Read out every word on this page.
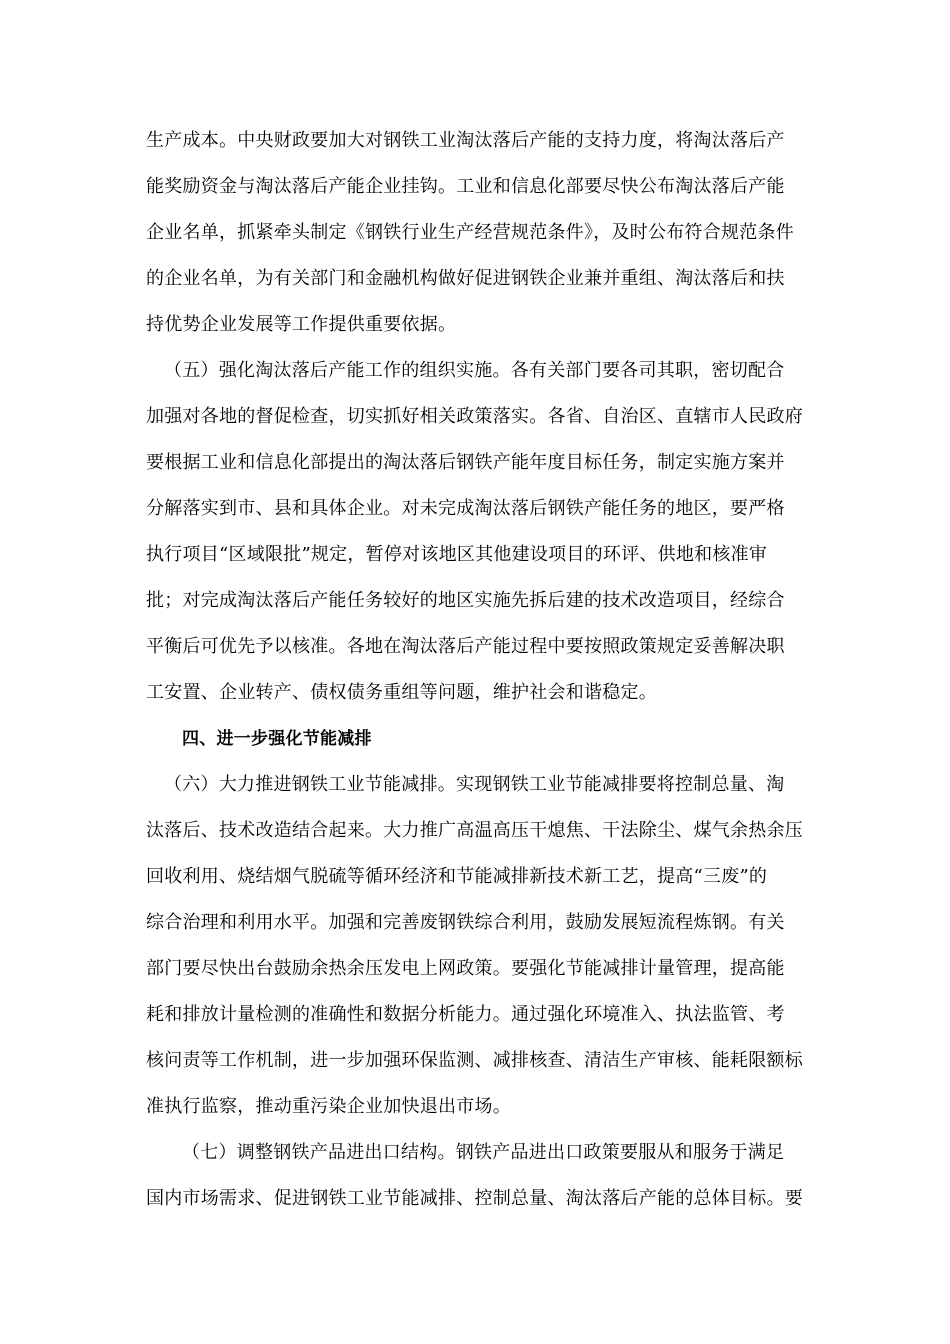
生产成本。中央财政要加大对钢铁工业淘汰落后产能的支持力度，将淘汰落后产
能奖励资金与淘汰落后产能企业挂钩。工业和信息化部要尽快公布淘汰落后产能
企业名单，抓紧牵头制定《钢铁行业生产经营规范条件》，及时公布符合规范条件
的企业名单，为有关部门和金融机构做好促进钢铁企业兼并重组、淘汰落后和扶
持优势企业发展等工作提供重要依据。
（五）强化淘汰落后产能工作的组织实施。各有关部门要各司其职，密切配合
加强对各地的督促检查，切实抓好相关政策落实。各省、自治区、直辖市人民政府
要根据工业和信息化部提出的淘汰落后钢铁产能年度目标任务，制定实施方案并
分解落实到市、县和具体企业。对未完成淘汰落后钢铁产能任务的地区，要严格
执行项目“区域限批”规定，暂停对该地区其他建设项目的环评、供地和核准审
批；对完成淘汰落后产能任务较好的地区实施先拆后建的技术改造项目，经综合
平衡后可优先予以核准。各地在淘汰落后产能过程中要按照政策规定妥善解决职
工安置、企业转产、债权债务重组等问题，维护社会和谐稳定。
四、进一步强化节能减排
（六）大力推进钢铁工业节能减排。实现钢铁工业节能减排要将控制总量、淘
汰落后、技术改造结合起来。大力推广高温高压干熄焦、干法除尘、煤气余热余压
回收利用、烧结烟气脱硫等循环经济和节能减排新技术新工艺，提高“三废”的
综合治理和利用水平。加强和完善废钢铁综合利用，鼓励发展短流程炼钢。有关
部门要尽快出台鼓励余热余压发电上网政策。要强化节能减排计量管理，提高能
耗和排放计量检测的准确性和数据分析能力。通过强化环境准入、执法监管、考
核问责等工作机制，进一步加强环保监测、减排核查、清洁生产审核、能耗限额标
准执行监察，推动重污染企业加快退出市场。
（七）调整钢铁产品进出口结构。钢铁产品进出口政策要服从和服务于满足
国内市场需求、促进钢铁工业节能减排、控制总量、淘汰落后产能的总体目标。要
